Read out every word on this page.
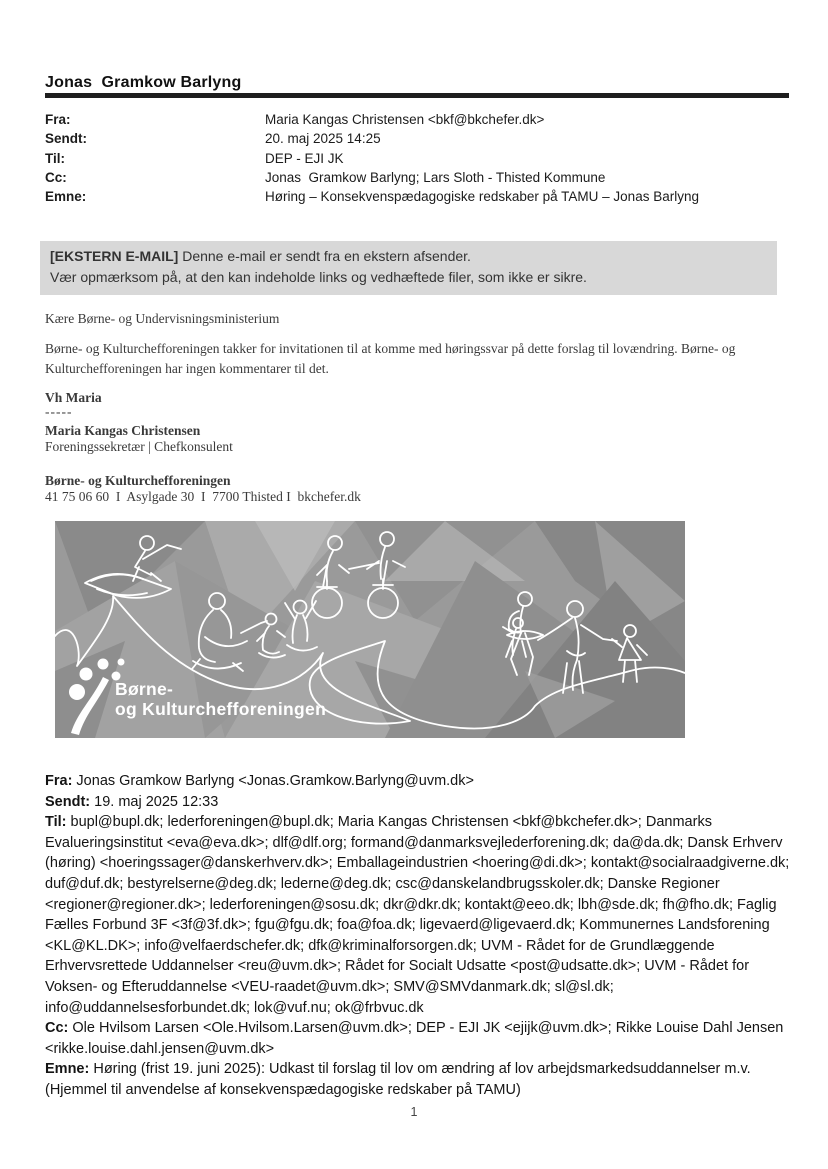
Jonas  Gramkow Barlyng
Fra:	Maria Kangas Christensen <bkf@bkchefer.dk>
Sendt:	20. maj 2025 14:25
Til:	DEP - EJI JK
Cc:	Jonas  Gramkow Barlyng; Lars Sloth - Thisted Kommune
Emne:	Høring – Konsekvenspædagogiske redskaber på TAMU – Jonas Barlyng
[EKSTERN E-MAIL] Denne e-mail er sendt fra en ekstern afsender.
Vær opmærksom på, at den kan indeholde links og vedhæftede filer, som ikke er sikre.
Kære Børne- og Undervisningsministerium
Børne- og Kulturchefforeningen takker for invitationen til at komme med høringssvar på dette forslag til lovændring. Børne- og Kulturchefforeningen har ingen kommentarer til det.
Vh Maria
-----
Maria Kangas Christensen
Foreningssekretær | Chefkonsulent
Børne- og Kulturchefforeningen
41 75 06 60  I  Asylgade 30  I  7700 Thisted I  bkchefer.dk
Børne-
og Kulturchefforeningen

Fra: Jonas Gramkow Barlyng <Jonas.Gramkow.Barlyng@uvm.dk>

Sendt: 19. maj 2025 12:33

Til: bupl@bupl.dk; lederforeningen@bupl.dk; Maria Kangas Christensen <bkf@bkchefer.dk>; Danmarks Evalueringsinstitut <eva@eva.dk>; dlf@dlf.org; formand@danmarksvejlederforening.dk; da@da.dk; Dansk Erhverv (høring) <hoeringssager@danskerhverv.dk>; Emballageindustrien <hoering@di.dk>; kontakt@socialraadgiverne.dk; duf@duf.dk; bestyrelserne@deg.dk; lederne@deg.dk; csc@danskelandbrugsskoler.dk; Danske Regioner <regioner@regioner.dk>; lederforeningen@sosu.dk; dkr@dkr.dk; kontakt@eeo.dk; lbh@sde.dk; fh@fho.dk; Faglig Fælles Forbund 3F <3f@3f.dk>; fgu@fgu.dk; foa@foa.dk; ligevaerd@ligevaerd.dk; Kommunernes Landsforening <KL@KL.DK>; info@velfaerdschefer.dk; dfk@kriminalforsorgen.dk; UVM - Rådet for de Grundlæggende Erhvervsrettede Uddannelser <reu@uvm.dk>; Rådet for Socialt Udsatte <post@udsatte.dk>; UVM - Rådet for Voksen- og Efteruddannelse <VEU-raadet@uvm.dk>; SMV@SMVdanmark.dk; sl@sl.dk; info@uddannelsesforbundet.dk; lok@vuf.nu; ok@frbvuc.dk

Cc: Ole Hvilsom Larsen <Ole.Hvilsom.Larsen@uvm.dk>; DEP - EJI JK <ejijk@uvm.dk>; Rikke Louise Dahl Jensen <rikke.louise.dahl.jensen@uvm.dk>

Emne: Høring (frist 19. juni 2025): Udkast til forslag til lov om ændring af lov arbejdsmarkedsuddannelser m.v. (Hjemmel til anvendelse af konsekvenspædagogiske redskaber på TAMU)

1
